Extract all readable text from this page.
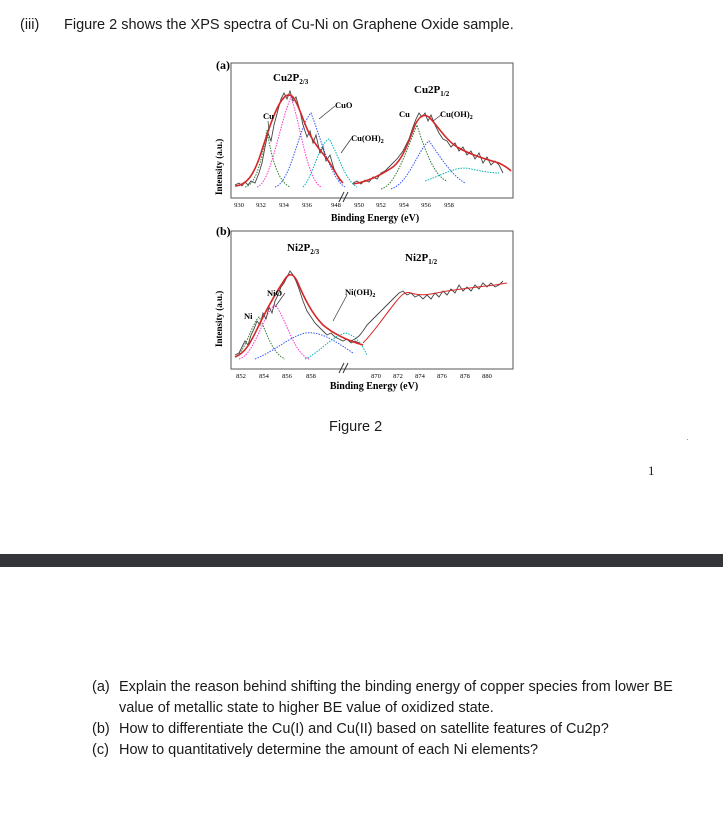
(iii) Figure 2 shows the XPS spectra of Cu-Ni on Graphene Oxide sample.
(a)
Intensity (a.u.)
930 932 934 936	948 950 952 954 956 958
Binding Energy (eV)
$Cu2P_{2/3}$
$Cu2P_{1/2}$
Cu
CuO
$Cu(OH)_2$
Cu	$Cu(OH)_2$
(b)
Intensity (a.u.)
852 854 856 858	870 872 874 876 878 880
Binding Energy (eV)
$Ni2P_{2/3}$	$Ni2P_{1/2}$
Ni
NiO	$Ni(OH)_2$
Figure 2
1
(a) Explain the reason behind shifting the binding energy of copper species from lower BE value of metallic state to higher BE value of oxidized state.
(b) How to differentiate the Cu(I) and Cu(II) based on satellite features of Cu2p?
(c) How to quantitatively determine the amount of each Ni elements?
